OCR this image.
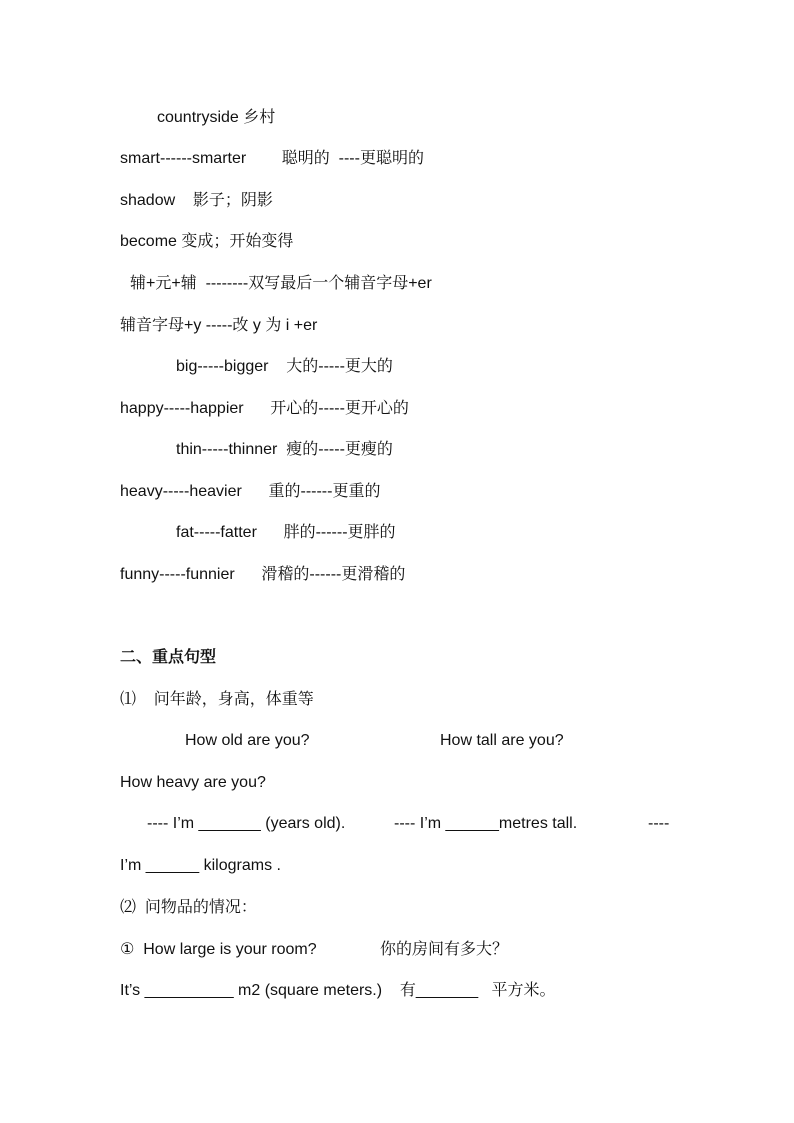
countryside 乡村
smart------smarter        聪明的  ----更聪明的
shadow    影子；阴影
become 变成；开始变得
辅+元+辅  --------双写最后一个辅音字母+er
辅音字母+y -----改 y 为 i +er
big-----bigger    大的-----更大的
happy-----happier      开心的-----更开心的
thin-----thinner  瘦的-----更瘦的
heavy-----heavier      重的------更重的
fat-----fatter      胖的------更胖的
funny-----funnier      滑稽的------更滑稽的
二、重点句型
⑴    问年龄，身高，体重等
How old are you?	How tall are you?
How heavy are you?
---- I’m _______ (years old).	---- I’m ______metres tall.	----
I’m ______ kilograms .
⑵  问物品的情况：
①  How large is your room?	你的房间有多大？
It’s __________ m2 (square meters.)    有_______   平方米。
